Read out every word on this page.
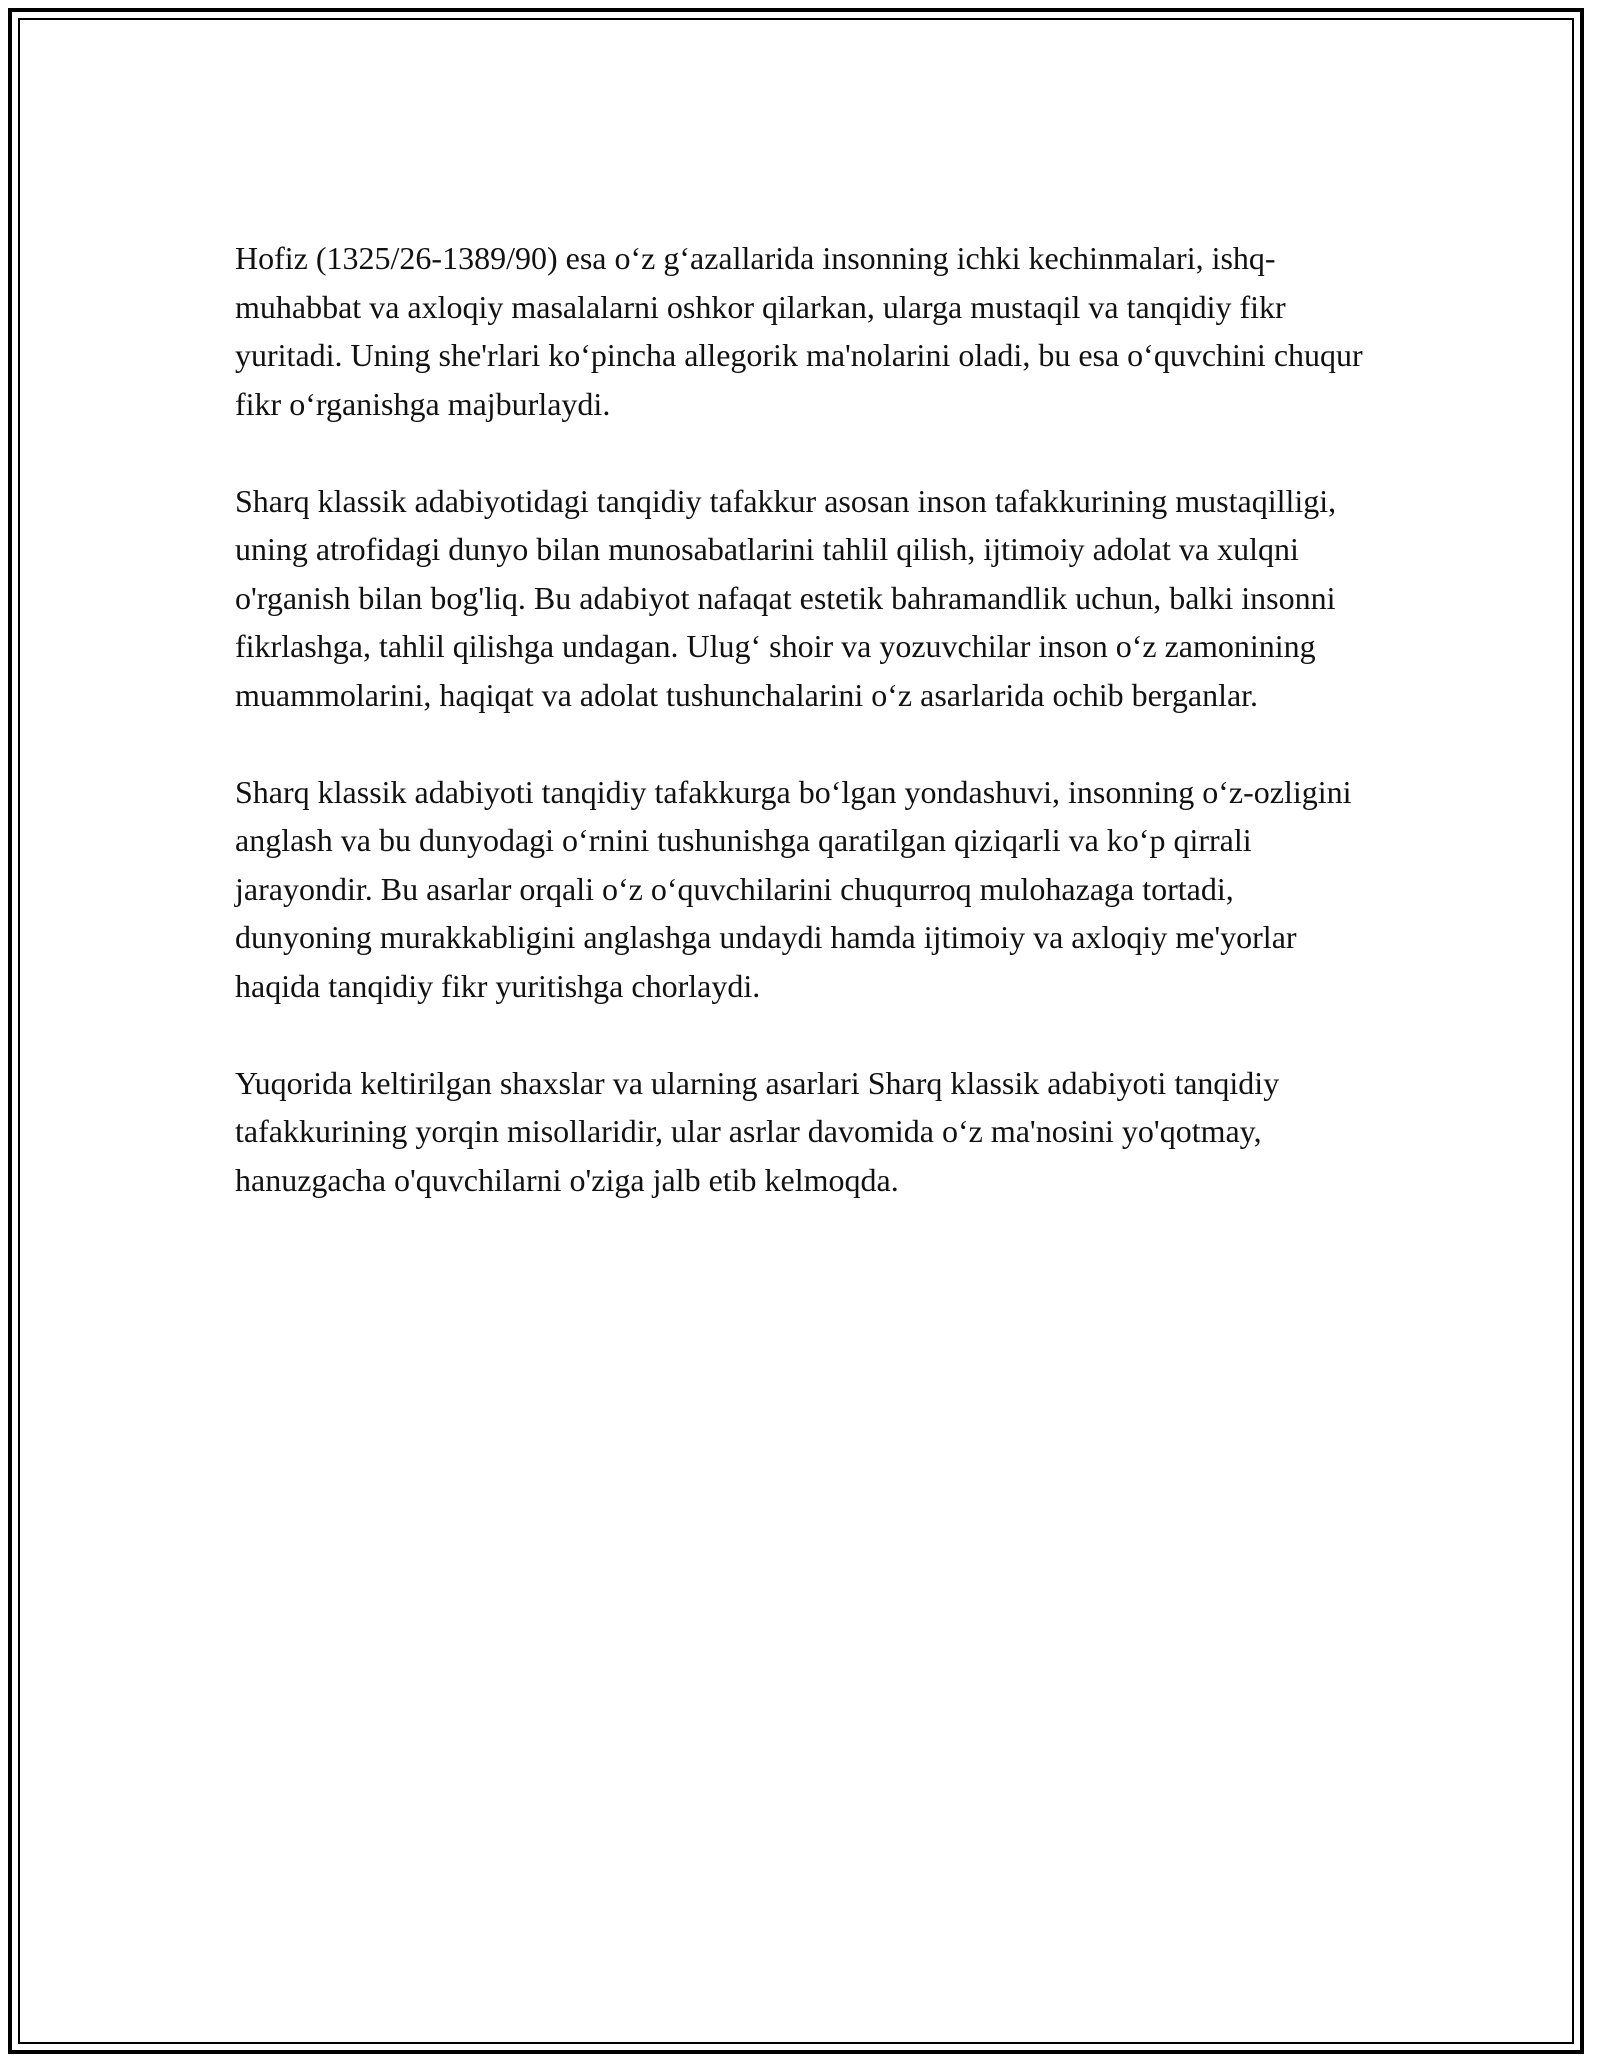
Hofiz (1325/26-1389/90) esa o‘z g‘azallarida insonning ichki kechinmalari, ishq-muhabbat va axloqiy masalalarni oshkor qilarkan, ularga mustaqil va tanqidiy fikr yuritadi. Uning she'rlari ko‘pincha allegorik ma'nolarini oladi, bu esa o‘quvchini chuqur fikr o‘rganishga majburlaydi.

Sharq klassik adabiyotidagi tanqidiy tafakkur asosan inson tafakkurining mustaqilligi, uning atrofidagi dunyo bilan munosabatlarini tahlil qilish, ijtimoiy adolat va xulqni o'rganish bilan bog'liq. Bu adabiyot nafaqat estetik bahramandlik uchun, balki insonni fikrlashga, tahlil qilishga undagan. Ulug‘ shoir va yozuvchilar inson o‘z zamonining muammolarini, haqiqat va adolat tushunchalarini o‘z asarlarida ochib berganlar.

Sharq klassik adabiyoti tanqidiy tafakkurga bo‘lgan yondashuvi, insonning o‘z-ozligini anglash va bu dunyodagi o‘rnini tushunishga qaratilgan qiziqarli va ko‘p qirrali jarayondir. Bu asarlar orqali o‘z o‘quvchilarini chuqurroq mulohazaga tortadi, dunyoning murakkabligini anglashga undaydi hamda ijtimoiy va axloqiy me'yorlar haqida tanqidiy fikr yuritishga chorlaydi.

Yuqorida keltirilgan shaxslar va ularning asarlari Sharq klassik adabiyoti tanqidiy tafakkurining yorqin misollaridir, ular asrlar davomida o‘z ma'nosini yo'qotmay, hanuzgacha o'quvchilarni o'ziga jalb etib kelmoqda.
